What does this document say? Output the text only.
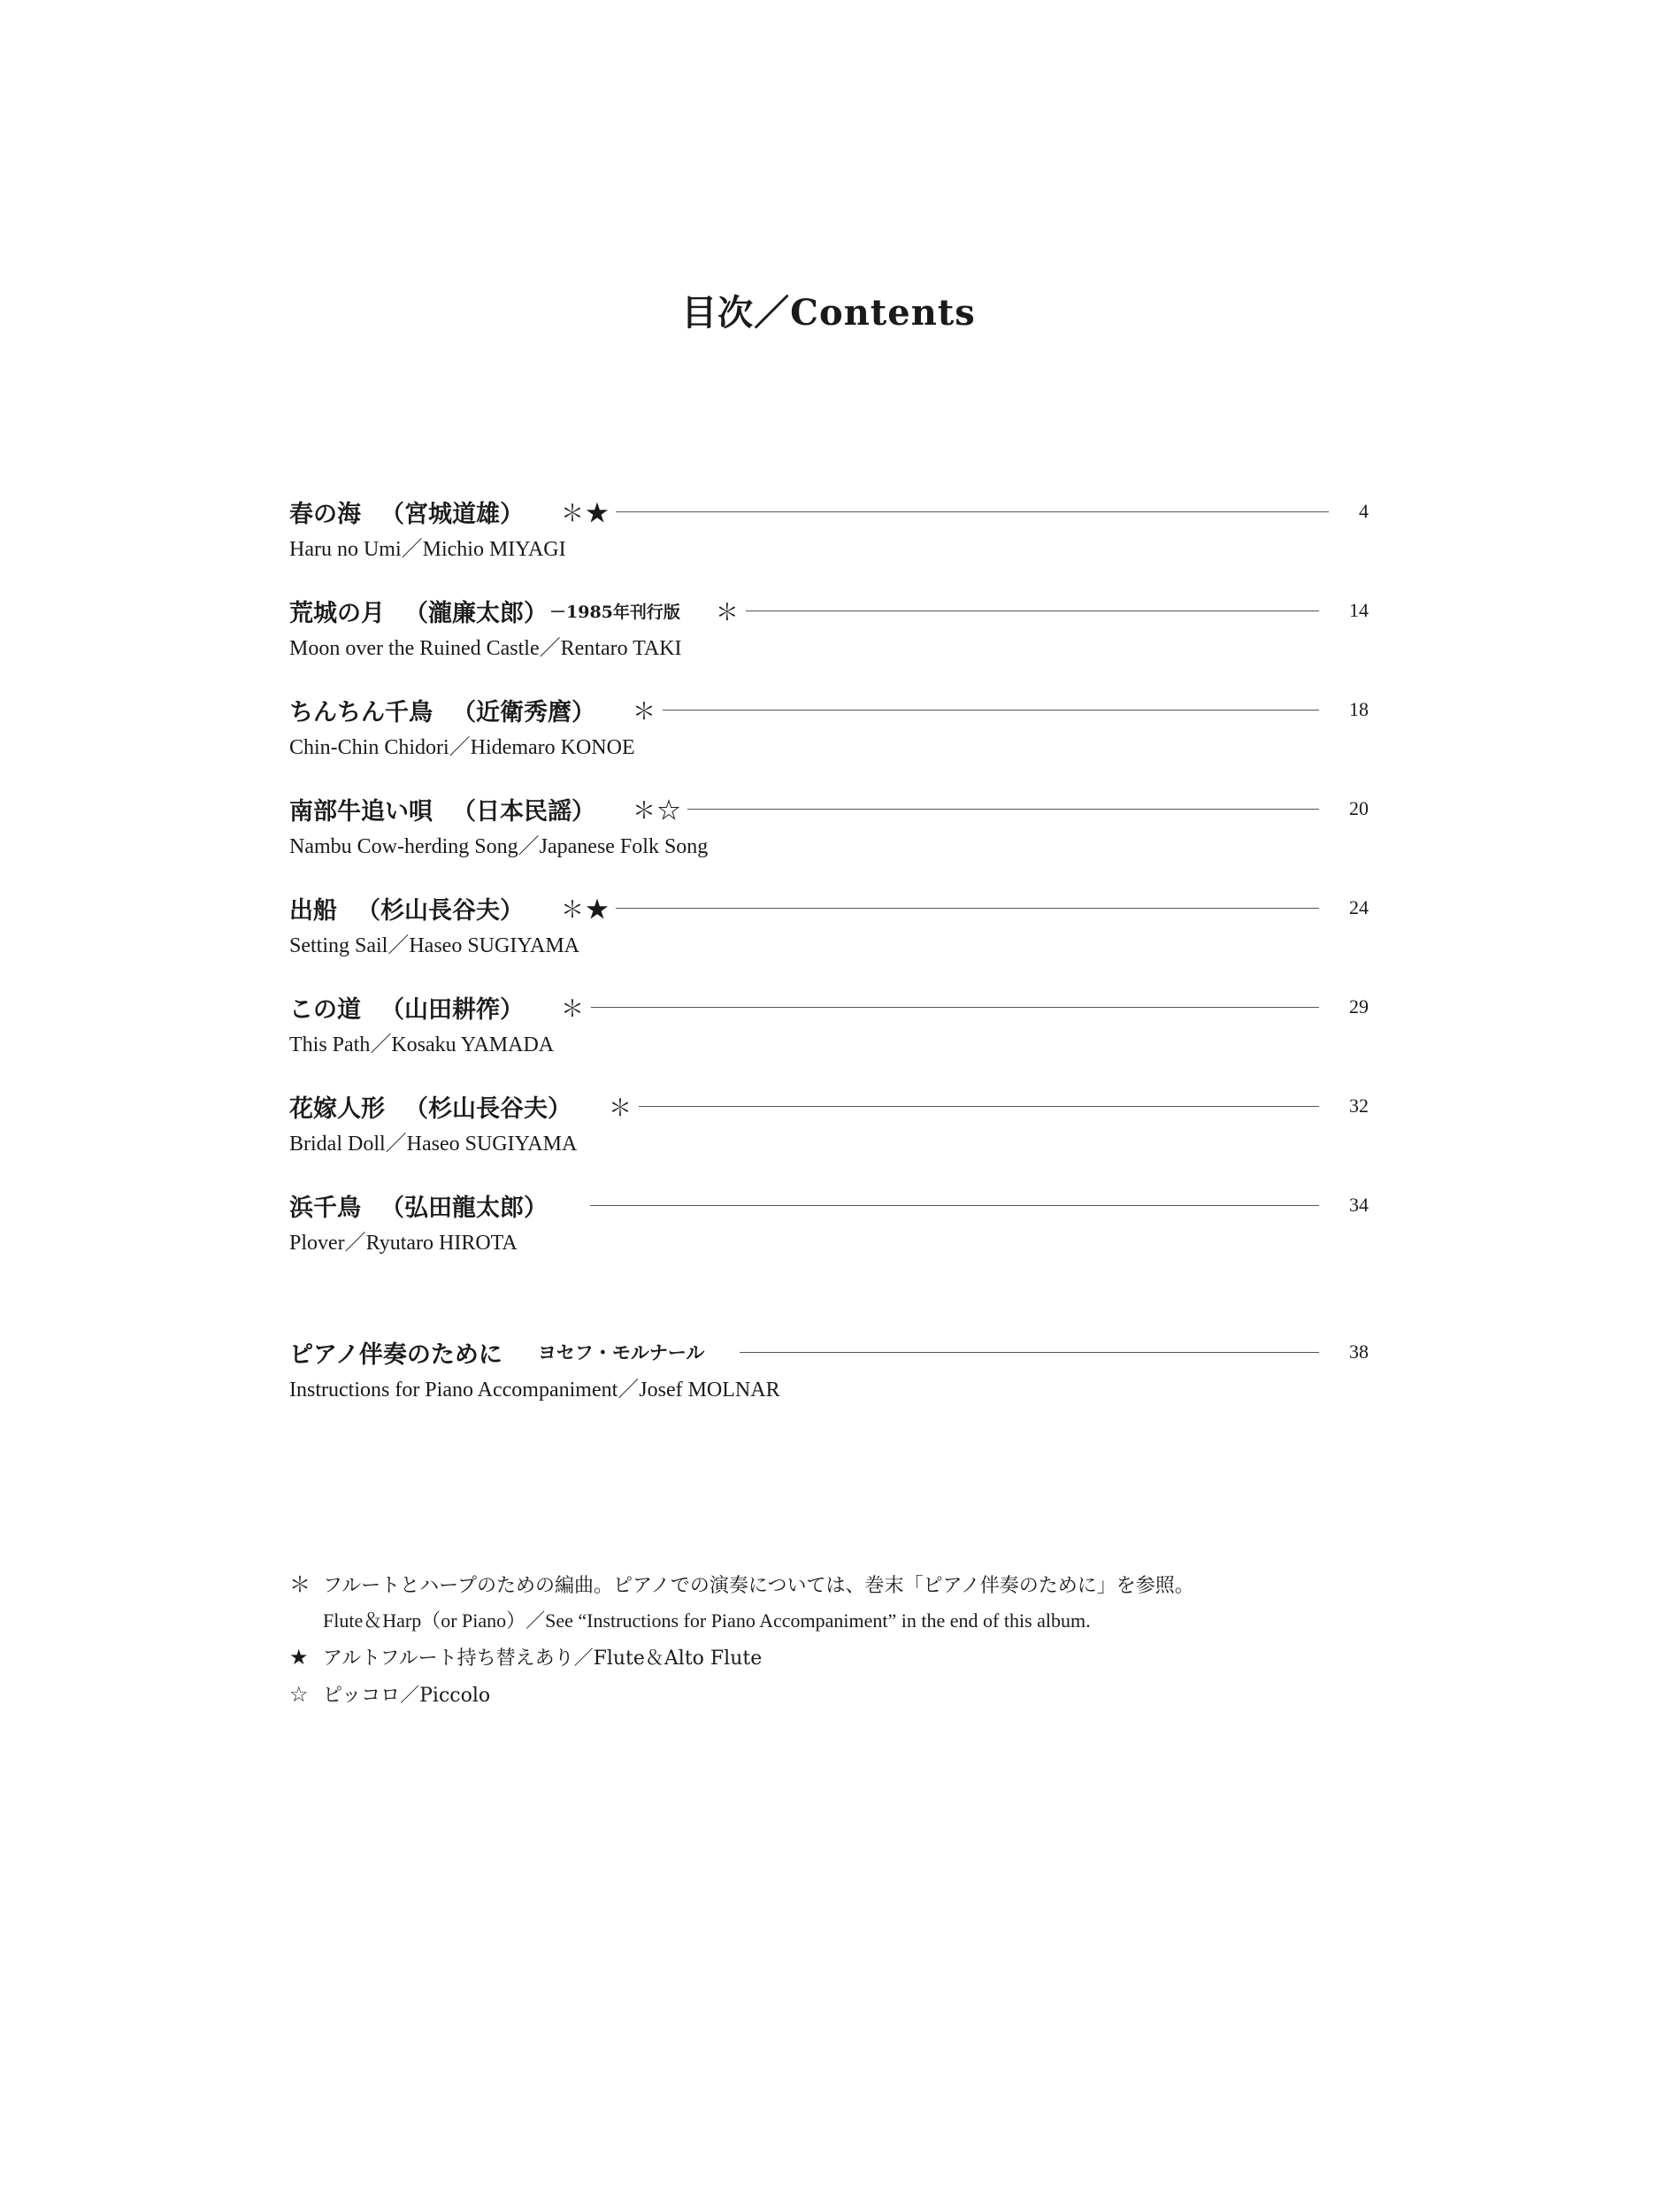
目次／Contents
春の海 （宮城道雄） ＊★	4
Haru no Umi／Michio MIYAGI
荒城の月 （瀧廉太郎） －1985年刊行版 ＊	14
Moon over the Ruined Castle／Rentaro TAKI
ちんちん千鳥 （近衛秀麿） ＊	18
Chin-Chin Chidori／Hidemaro KONOE
南部牛追い唄 （日本民謡） ＊☆	20
Nambu Cow-herding Song／Japanese Folk Song
出船 （杉山長谷夫） ＊★	24
Setting Sail／Haseo SUGIYAMA
この道 （山田耕筰） ＊	29
This Path／Kosaku YAMADA
花嫁人形 （杉山長谷夫） ＊	32
Bridal Doll／Haseo SUGIYAMA
浜千鳥 （弘田龍太郎）	34
Plover／Ryutaro HIROTA
ピアノ伴奏のために ヨセフ・モルナール	38
Instructions for Piano Accompaniment／Josef MOLNAR
＊ フルートとハープのための編曲。ピアノでの演奏については、巻末「ピアノ伴奏のために」を参照。
Flute＆Harp（or Piano）／See “Instructions for Piano Accompaniment” in the end of this album.
★ アルトフルート持ち替えあり／Flute＆Alto Flute
☆ ピッコロ／Piccolo
